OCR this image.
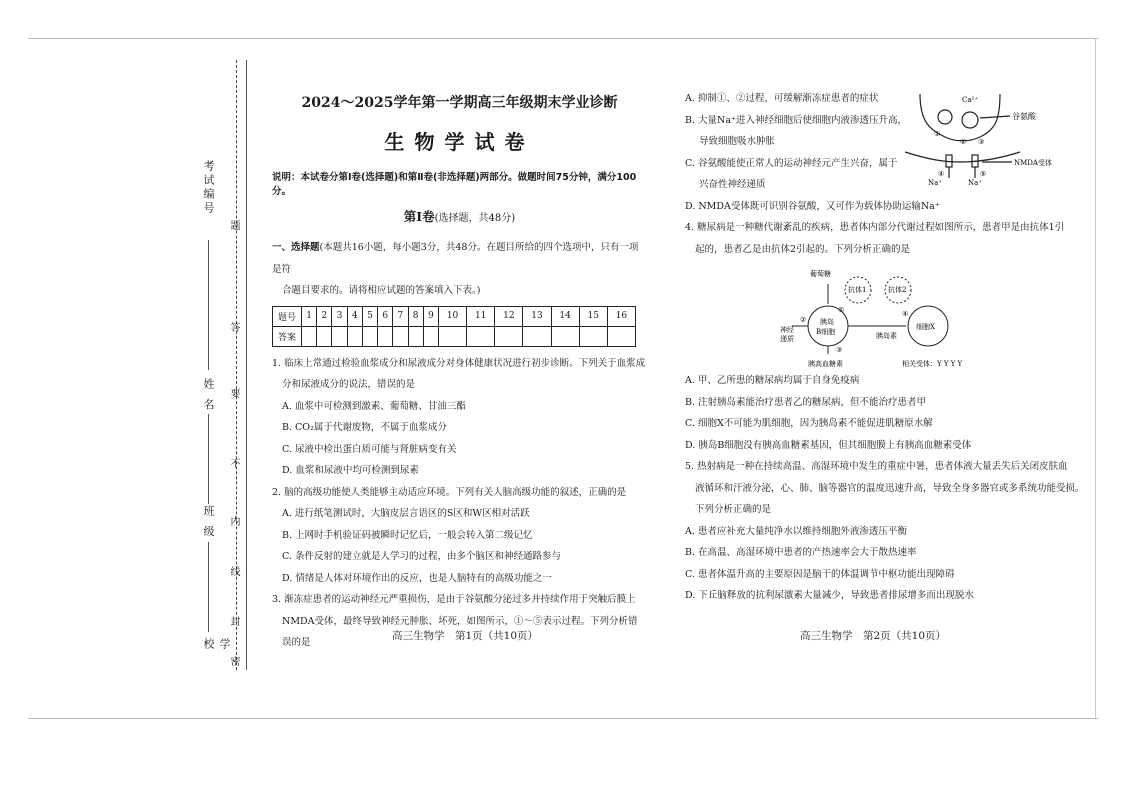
考试编号
姓 名
班 级
学 校
题
答
要
不
内
线
封
密
2024～2025学年第一学期高三年级期末学业诊断
生物学试卷
说明：本试卷分第Ⅰ卷(选择题)和第Ⅱ卷(非选择题)两部分。做题时间75分钟，满分100分。
第Ⅰ卷(选择题，共48分)

一、选择题(本题共16小题，每小题3分，共48分。在题目所给的四个选项中，只有一项是符

合题目要求的。请将相应试题的答案填入下表。)

题号	1	2	3	4	5	6	7	8	9	10	11	12	13	14	15	16
答案																

1. 临床上常通过检验血浆成分和尿液成分对身体健康状况进行初步诊断。下列关于血浆成

分和尿液成分的说法，错误的是

A. 血浆中可检测到激素、葡萄糖、甘油三酯

B. CO₂属于代谢废物，不属于血浆成分

C. 尿液中检出蛋白质可能与肾脏病变有关

D. 血浆和尿液中均可检测到尿素

2. 脑的高级功能使人类能够主动适应环境。下列有关人脑高级功能的叙述，正确的是

A. 进行纸笔测试时，大脑皮层言语区的S区和W区相对活跃

B. 上网时手机验证码被瞬时记忆后，一般会转入第二级记忆

C. 条件反射的建立就是人学习的过程，由多个脑区和神经通路参与

D. 情绪是人体对环境作出的反应，也是人脑特有的高级功能之一

3. 渐冻症患者的运动神经元严重损伤，是由于谷氨酸分泌过多并持续作用于突触后膜上

NMDA受体，最终导致神经元肿胀、坏死，如图所示，①～⑤表示过程。下列分析错误的是

高三生物学　第1页（共10页）

A. 抑制①、②过程，可缓解渐冻症患者的症状

B. 大量Na⁺进入神经细胞后使细胞内液渗透压升高，

导致细胞吸水肿胀

C. 谷氨酸能使正常人的运动神经元产生兴奋，属于

兴奋性神经递质

D. NMDA受体既可识别谷氨酸，又可作为载体协助运输Na⁺

4. 糖尿病是一种糖代谢紊乱的疾病，患者体内部分代谢过程如图所示，患者甲是由抗体1引

起的，患者乙是由抗体2引起的。下列分析正确的是

A. 甲、乙所患的糖尿病均属于自身免疫病

B. 注射胰岛素能治疗患者乙的糖尿病，但不能治疗患者甲

C. 细胞X不可能为肌细胞，因为胰岛素不能促进肌糖原水解

D. 胰岛B细胞没有胰高血糖素基因，但其细胞膜上有胰高血糖素受体

5. 热射病是一种在持续高温、高湿环境中发生的重症中暑，患者体液大量丢失后关闭皮肤血

液循环和汗液分泌，心、肺、脑等器官的温度迅速升高，导致全身多器官或多系统功能受损。

下列分析正确的是

A. 患者应补充大量纯净水以维持细胞外液渗透压平衡

B. 在高温、高湿环境中患者的产热速率会大于散热速率

C. 患者体温升高的主要原因是脑干的体温调节中枢功能出现障碍

D. 下丘脑释放的抗利尿激素大量减少，导致患者排尿增多而出现脱水

高三生物学　第2页（共10页）
Ca²⁺
谷氨酸
NMDA受体
Na⁺	Na⁺
①
② ③
④	⑤
葡萄糖
抗体1	抗体2
胰岛
B细胞
细胞X
神经
递质	胰岛素
胰高血糖素	相关受体：Y Y Y Y
①
②
③
④
